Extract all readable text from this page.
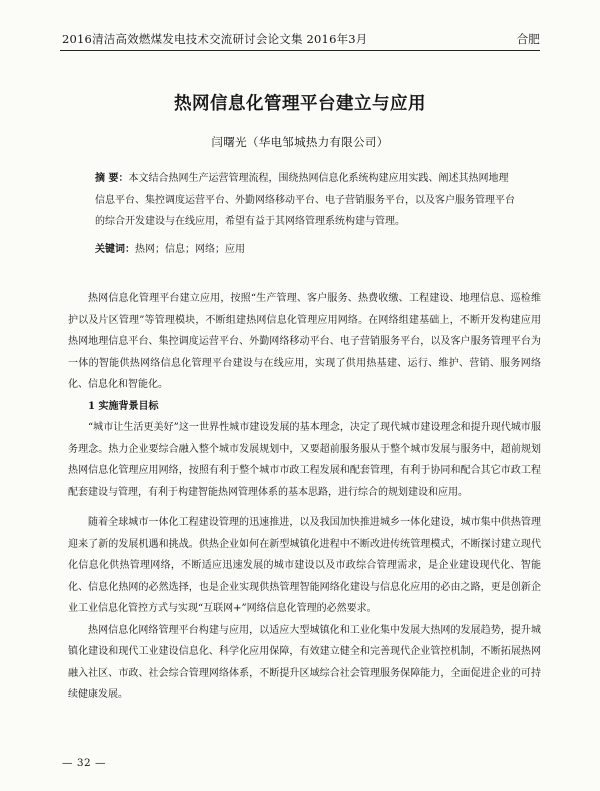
2016清洁高效燃煤发电技术交流研讨会论文集 2016年3月	合肥
热网信息化管理平台建立与应用
闫曙光（华电邹城热力有限公司）

摘 要：本文结合热网生产运营管理流程，围绕热网信息化系统构建应用实践、阐述其热网地理信息平台、集控调度运营平台、外勤网络移动平台、电子营销服务平台，以及客户服务管理平台的综合开发建设与在线应用，希望有益于其网络管理系统构建与管理。

关键词：热网；信息；网络；应用

热网信息化管理平台建立应用，按照“生产管理、客户服务、热费收缴、工程建设、地理信息、巡检维护以及片区管理”等管理模块，不断组建热网信息化管理应用网络。在网络组建基础上，不断开发构建应用热网地理信息平台、集控调度运营平台、外勤网络移动平台、电子营销服务平台，以及客户服务管理平台为一体的智能供热网络信息化管理平台建设与在线应用，实现了供用热基建、运行、维护、营销、服务网络化、信息化和智能化。

1 实施背景目标

“城市让生活更美好”这一世界性城市建设发展的基本理念，决定了现代城市建设理念和提升现代城市服务理念。热力企业要综合融入整个城市发展规划中，又要超前服务服从于整个城市发展与服务中，超前规划热网信息化管理应用网络，按照有利于整个城市市政工程发展和配套管理，有利于协同和配合其它市政工程配套建设与管理，有利于构建智能热网管理体系的基本思路，进行综合的规划建设和应用。

随着全球城市一体化工程建设管理的迅速推进，以及我国加快推进城乡一体化建设，城市集中供热管理迎来了新的发展机遇和挑战。供热企业如何在新型城镇化进程中不断改进传统管理模式，不断探讨建立现代化信息化供热管理网络，不断适应迅速发展的城市建设以及市政综合管理需求，是企业建设现代化、智能化、信息化热网的必然选择，也是企业实现供热管理智能网络化建设与信息化应用的必由之路，更是创新企业工业信息化管控方式与实现“互联网+”网络信息化管理的必然要求。

热网信息化网络管理平台构建与应用，以适应大型城镇化和工业化集中发展大热网的发展趋势，提升城镇化建设和现代工业建设信息化、科学化应用保障，有效建立健全和完善现代企业管控机制，不断拓展热网融入社区、市政、社会综合管理网络体系，不断提升区域综合社会管理服务保障能力，全面促进企业的可持续健康发展。

— 32 —
